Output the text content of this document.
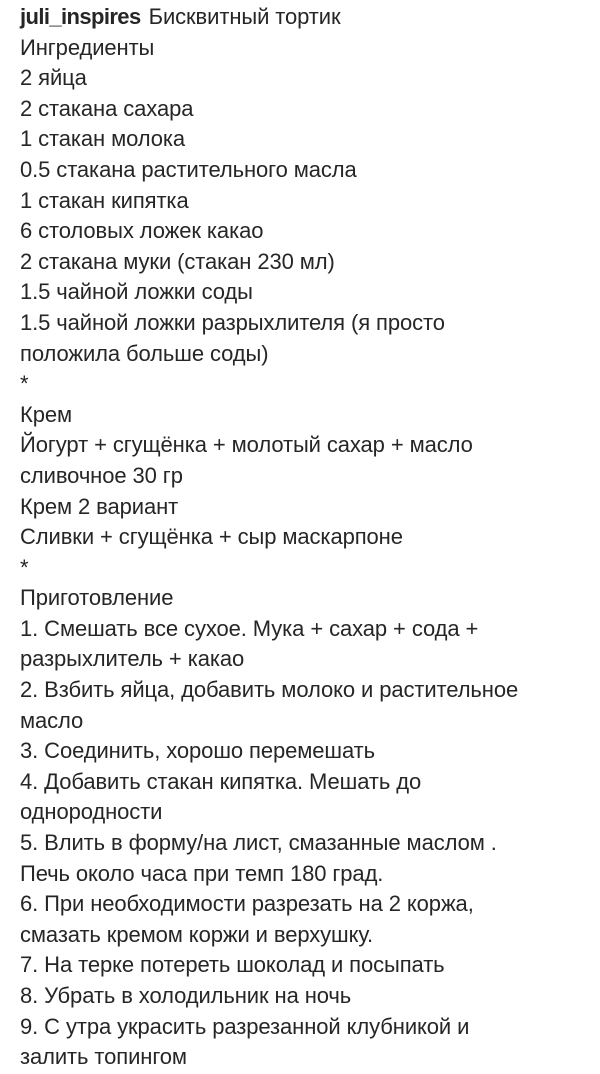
juli_inspires Бисквитный тортик
Ингредиенты
2 яйца
2 стакана сахара
1 стакан молока
0.5 стакана растительного масла
1 стакан кипятка
6 столовых ложек какао
2 стакана муки (стакан 230 мл)
1.5 чайной ложки соды
1.5 чайной ложки разрыхлителя (я просто
положила больше соды)
*
Крем
Йогурт + сгущёнка + молотый сахар + масло
сливочное 30 гр
Крем 2 вариант
Сливки + сгущёнка + сыр маскарпоне
*
Приготовление
1. Смешать все сухое. Мука + сахар + сода +
разрыхлитель + какао
2. Взбить яйца, добавить молоко и растительное
масло
3. Соединить, хорошо перемешать
4. Добавить стакан кипятка. Мешать до
однородности
5. Влить в форму/на лист, смазанные маслом .
Печь около часа при темп 180 град.
6. При необходимости разрезать на 2 коржа,
смазать кремом коржи и верхушку.
7. На терке потереть шоколад и посыпать
8. Убрать в холодильник на ночь
9. С утра украсить разрезанной клубникой и
залить топингом
